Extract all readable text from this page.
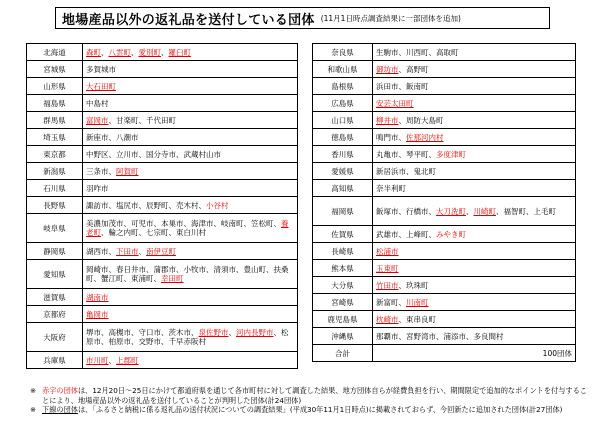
地場産品以外の返礼品を送付している団体 (11月1日時点調査結果に一部団体を追加)
北海道	森町、八雲町、愛別町、羅臼町
宮城県	多賀城市
山形県	大石田町
福島県	中島村
群馬県	富岡市、甘楽町、千代田町
埼玉県	新座市、八潮市
東京都	中野区、立川市、国分寺市、武蔵村山市
新潟県	三条市、阿賀町
石川県	羽咋市
長野県	諏訪市、塩尻市、辰野町、売木村、小谷村
岐阜県	美濃加茂市、可児市、本巣市、海津市、岐南町、笠松町、養老町、輪之内町、七宗町、東白川村
静岡県	湖西市、下田市、南伊豆町
愛知県	岡崎市、春日井市、蒲郡市、小牧市、清須市、豊山町、扶桑町、蟹江町、東浦町、幸田町
滋賀県	湖南市
京都府	亀岡市
大阪府	堺市、高槻市、守口市、茨木市、泉佐野市、河内長野市、松原市、柏原市、交野市、千早赤阪村
兵庫県	市川町、上郡町
奈良県	生駒市、川西町、高取町
和歌山県	御坊市、高野町
島根県	浜田市、飯南町
広島県	安芸太田町
山口県	柳井市、周防大島町
徳島県	鳴門市、佐那河内村
香川県	丸亀市、琴平町、多度津町
愛媛県	新居浜市、鬼北町
高知県	奈半利町
福岡県	飯塚市、行橋市、大刀洗町、川崎町、福智町、上毛町
佐賀県	武雄市、上峰町、みやき町
長崎県	松浦市
熊本県	玉東町
大分県	竹田市、玖珠町
宮崎県	新富町、川南町
鹿児島県	枕崎市、東串良町
沖縄県	那覇市、宮野湾市、浦添市、多良間村
合計	100団体
※ 赤字の団体は、12月20日～25日にかけて都道府県を通じて各市町村に対して調査した結果、地方団体自らが経費負担を行い、期間限定で追加的なポイントを付与することにより、地場産品以外の返礼品を送付していることが判明した団体(計24団体)
※ 下線の団体は、「ふるさと納税に係る返礼品の送付状況についての調査結果」(平成30年11月1日時点)に掲載されておらず、今回新たに追加された団体(計27団体)
